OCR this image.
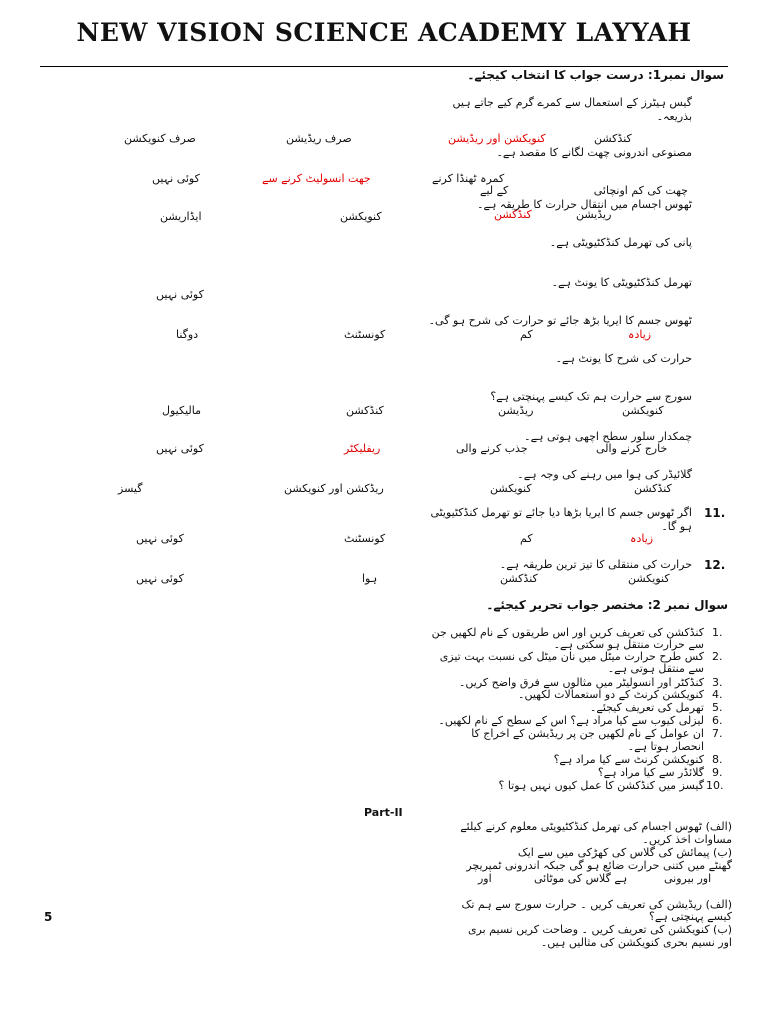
NEW VISION SCIENCE ACADEMY LAYYAH
سوال نمبر1: درست جواب کا انتخاب کیجئے۔
گیس ہیٹرز کے استعمال سے کمرے گرم کیے جاتے ہیں
بذریعہ۔
کنڈکشن
کنویکشن اور ریڈیشن
صرف ریڈیشن
صرف کنویکشن
مصنوعی اندرونی چھت لگانے کا مقصد ہے۔
کمرہ ٹھنڈا کرنے
جھت انسولیٹ کرنے سے
کوئی نہیں
چھت کی کم اونچائی
کے لیے
ٹھوس اجسام میں انتقال حرارت کا طریقہ ہے۔
ریڈیشن
کنڈکشن
کنویکشن
ایڈاریشن
پانی کی تھرمل کنڈکٹیویٹی ہے۔
تھرمل کنڈکٹیویٹی کا یونٹ ہے۔
کوئی نہیں
ٹھوس جسم کا ایریا بڑھ جائے تو حرارت کی شرح ہو گی۔
زیادہ
کم
کونسٹنٹ
دوگنا
حرارت کی شرح کا یونٹ ہے۔
سورج سے حرارت ہم تک کیسے پہنچتی ہے؟
کنویکشن
ریڈیشن
کنڈکشن
مالیکیول
چمکدار سلور سطح اچھی ہوتی ہے۔
خارج کرنے والی
جذب کرنے والی
ریفلیکٹر
کوئی نہیں
گلائیڈر کی ہوا میں رہنے کی وجہ ہے۔
کنڈکشن
کنویکشن
ریڈکشن اور کنویکشن
گیسز
11.
اگر ٹھوس جسم کا ایریا بڑھا دیا جائے تو تھرمل کنڈکٹیویٹی
ہو گا۔
زیادہ
کم
کونسٹنٹ
کوئی نہیں
12.
حرارت کی منتقلی کا تیز ترین طریقہ ہے۔
کنویکشن
کنڈکشن
ہوا
کوئی نہیں
سوال نمبر 2: مختصر جواب تحریر کیجئے۔
1.
کنڈکشن کی تعریف کریں اور اس طریقوں کے نام لکھیں جن
سے حرارت منتقل ہو سکتی ہے۔
2.
کس طرح حرارت میٹل میں نان میٹل کی نسبت بہت تیزی
سے منتقل ہوتی ہے۔
3.
کنڈکٹر اور انسولیٹر میں مثالوں سے فرق واضح کریں۔
4.
کنویکشن کرنٹ کے دو استعمالات لکھیں۔
5.
تھرمل کی تعریف کیجئے۔
6.
لیزلی کیوب سے کیا مراد ہے؟ اس کے سطح کے نام لکھیں۔
7.
ان عوامل کے نام لکھیں جن پر ریڈیشن کے اخراج کا
انحصار ہوتا ہے۔
8.
کنویکشن کرنٹ سے کیا مراد ہے؟
9.
گلائڈر سے کیا مراد ہے؟
10.
گیسز میں کنڈکشن کا عمل کیوں نہیں ہوتا ؟
Part-II
(الف) ٹھوس اجسام کی تھرمل کنڈکٹیویٹی معلوم کرنے کیلئے
مساوات اخذ کریں۔
(ب) پیمائش کی گلاس کی کھڑکی میں سے ایک
گھنٹے میں کتنی حرارت ضائع ہو گی جبکہ اندرونی ٹمپریچر
اور بیرونی
ہے گلاس کی موٹائی
اور
(الف) ریڈیشن کی تعریف کریں ۔ حرارت سورج سے ہم تک
کیسے پہنچتی ہے؟
(ب) کنویکشن کی تعریف کریں ۔ وضاحت کریں نسیم بری
اور نسیم بحری کنویکشن کی مثالیں ہیں۔
5
